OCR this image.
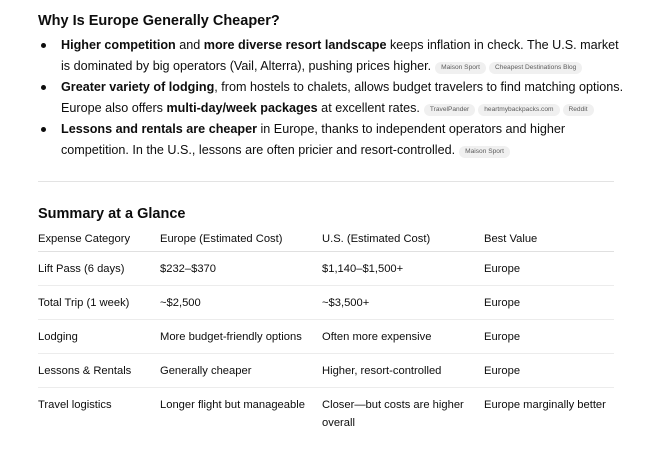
Why Is Europe Generally Cheaper?
Higher competition and more diverse resort landscape keeps inflation in check. The U.S. market is dominated by big operators (Vail, Alterra), pushing prices higher. Maison Sport Cheapest Destinations Blog
Greater variety of lodging, from hostels to chalets, allows budget travelers to find matching options. Europe also offers multi-day/week packages at excellent rates. TravelPander heartmybackpacks.com Reddit
Lessons and rentals are cheaper in Europe, thanks to independent operators and higher competition. In the U.S., lessons are often pricier and resort-controlled. Maison Sport
Summary at a Glance
Expense Category	Europe (Estimated Cost)	U.S. (Estimated Cost)	Best Value
Lift Pass (6 days)	$232–$370	$1,140–$1,500+	Europe
Total Trip (1 week)	~$2,500	~$3,500+	Europe
Lodging	More budget-friendly options	Often more expensive	Europe
Lessons & Rentals	Generally cheaper	Higher, resort-controlled	Europe
Travel logistics	Longer flight but manageable	Closer—but costs are higher overall	Europe marginally better
